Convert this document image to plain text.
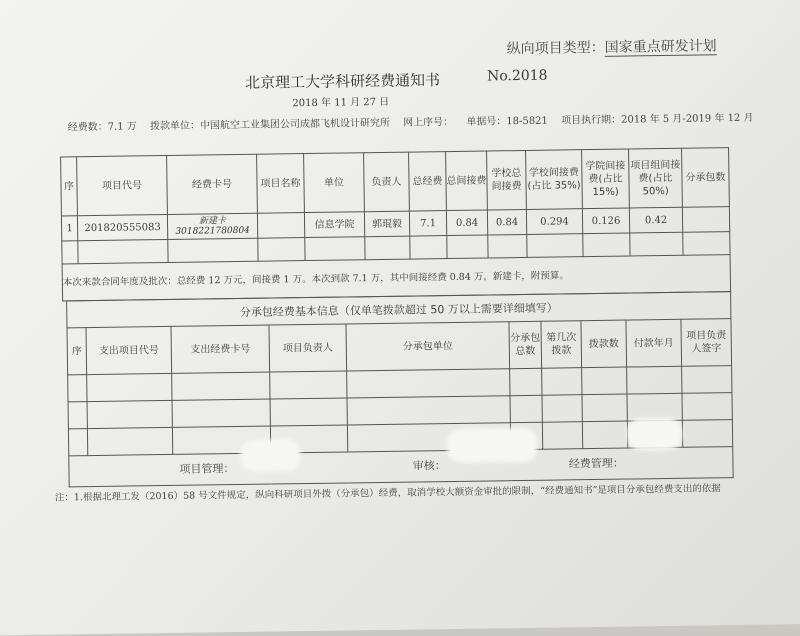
纵向项目类型：国家重点研发计划
北京理工大学科研经费通知书	No.2018
2018 年 11 月 27 日
经费数：7.1 万 拨款单位：中国航空工业集团公司成都飞机设计研究所 网上序号： 单据号：18-5821 项目执行期：2018 年 5 月-2019 年 12 月
序	项目代号	经费卡号	项目名称	单位	负责人	总经费	总间接费	学校总间接费	学校间接费(占比 35%)	学院间接费(占比 15%)	项目组间接费(占比 50%)	分承包数
1	201820555083	新建卡 3018221780804		信息学院	郭琨毅	7.1	0.84	0.84	0.294	0.126	0.42	

本次来款合同年度及批次：总经费 12 万元，间接费 1 万。本次到款 7.1 万，其中间接经费 0.84 万，新建卡，附预算。												
分承包经费基本信息（仅单笔拨款超过 50 万以上需要详细填写）									
序	支出项目代号	支出经费卡号	项目负责人	分承包单位	分承包总数	第几次拨款	拨款数	付款年月	项目负责人签字

项目管理： 审核： 经费管理：									
注：1.根据北理工发（2016）58 号文件规定，纵向科研项目外拨（分承包）经费，取消学校大额资金审批的限制，“经费通知书”是项目分承包经费支出的依据
